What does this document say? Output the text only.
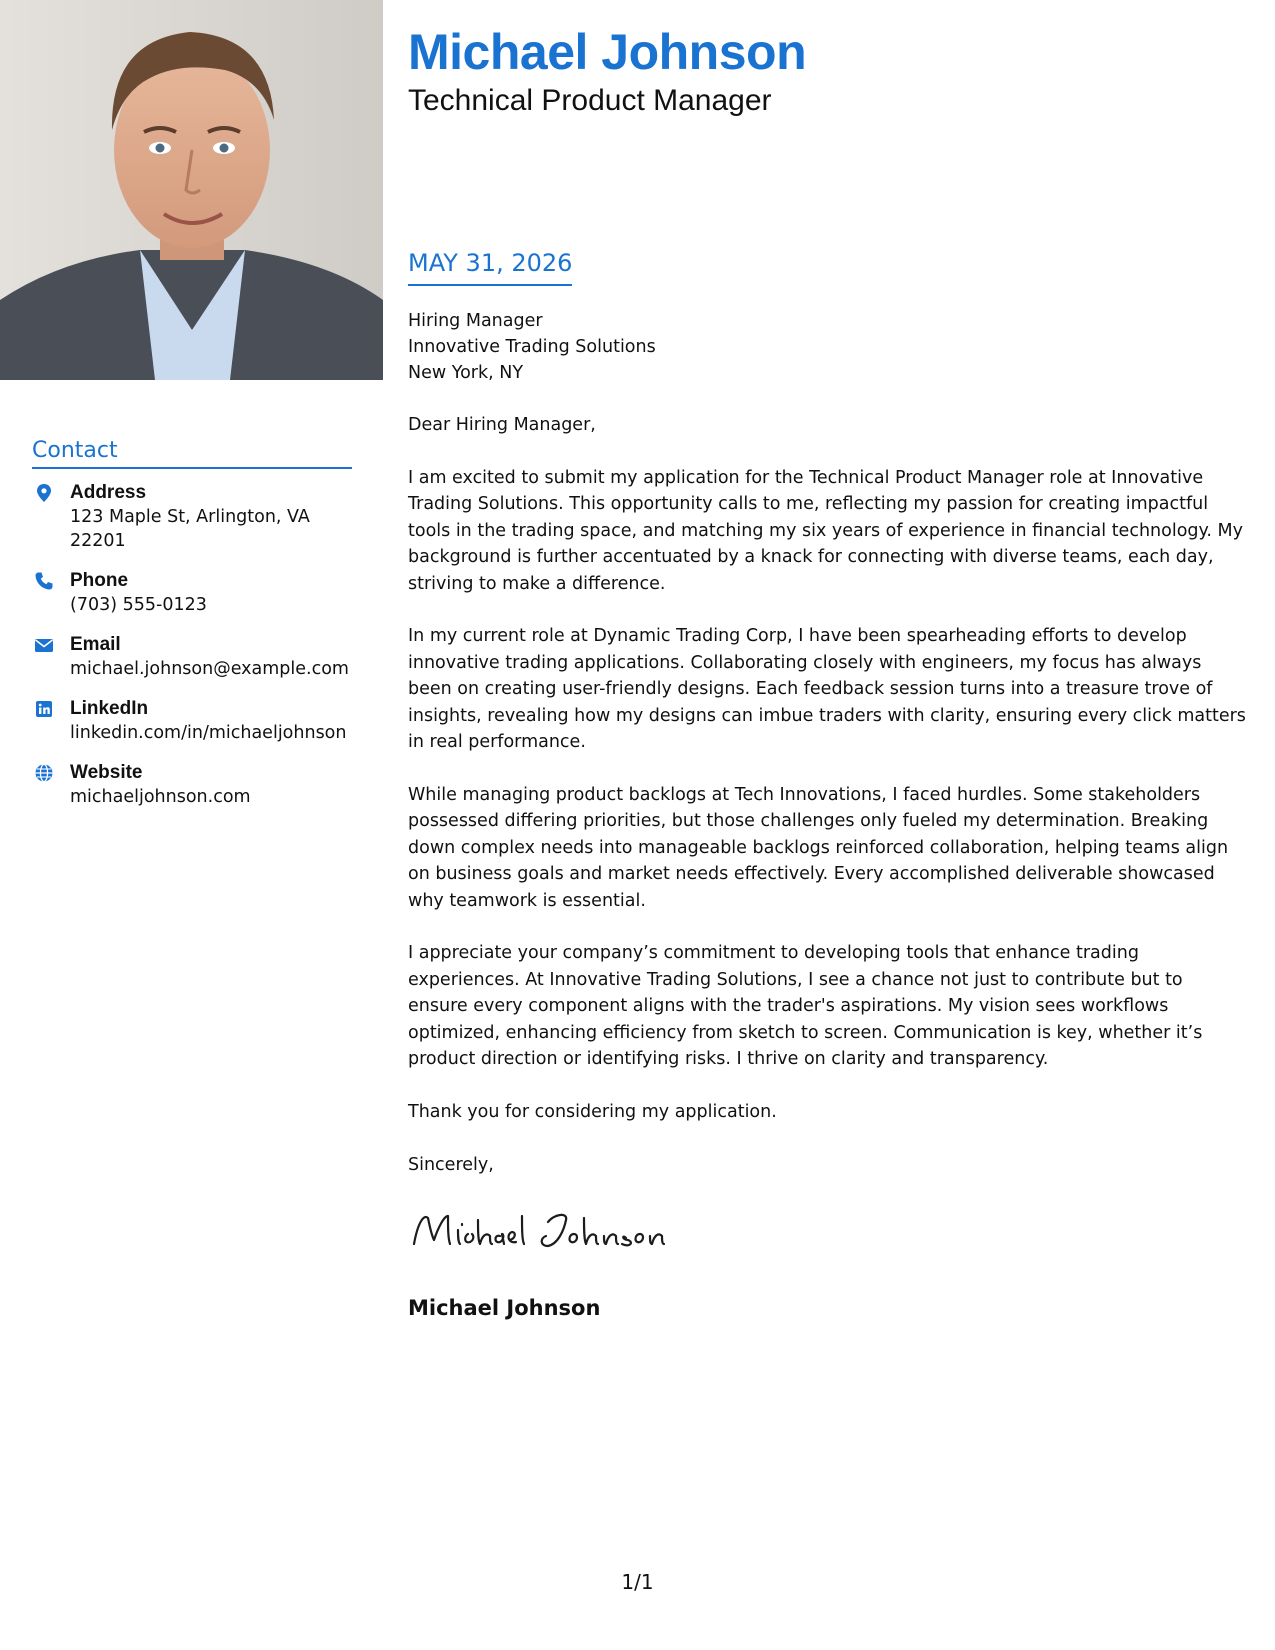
Contact
Address
123 Maple St, Arlington, VA 22201
Phone
(703) 555-0123
Email
michael.johnson@example.com
LinkedIn
linkedin.com/in/michaeljohnson
Website
michaeljohnson.com
Michael Johnson
Technical Product Manager
MAY 31, 2026
Hiring Manager
Innovative Trading Solutions
New York, NY
Dear Hiring Manager,

I am excited to submit my application for the Technical Product Manager role at Innovative Trading Solutions. This opportunity calls to me, reflecting my passion for creating impactful tools in the trading space, and matching my six years of experience in financial technology. My background is further accentuated by a knack for connecting with diverse teams, each day, striving to make a difference.

In my current role at Dynamic Trading Corp, I have been spearheading efforts to develop innovative trading applications. Collaborating closely with engineers, my focus has always been on creating user-friendly designs. Each feedback session turns into a treasure trove of insights, revealing how my designs can imbue traders with clarity, ensuring every click matters in real performance.

While managing product backlogs at Tech Innovations, I faced hurdles. Some stakeholders possessed differing priorities, but those challenges only fueled my determination. Breaking down complex needs into manageable backlogs reinforced collaboration, helping teams align on business goals and market needs effectively. Every accomplished deliverable showcased why teamwork is essential.

I appreciate your company’s commitment to developing tools that enhance trading experiences. At Innovative Trading Solutions, I see a chance not just to contribute but to ensure every component aligns with the trader's aspirations. My vision sees workflows optimized, enhancing efficiency from sketch to screen. Communication is key, whether it’s product direction or identifying risks. I thrive on clarity and transparency.

Thank you for considering my application.

Sincerely,
Michael Johnson
1/1
